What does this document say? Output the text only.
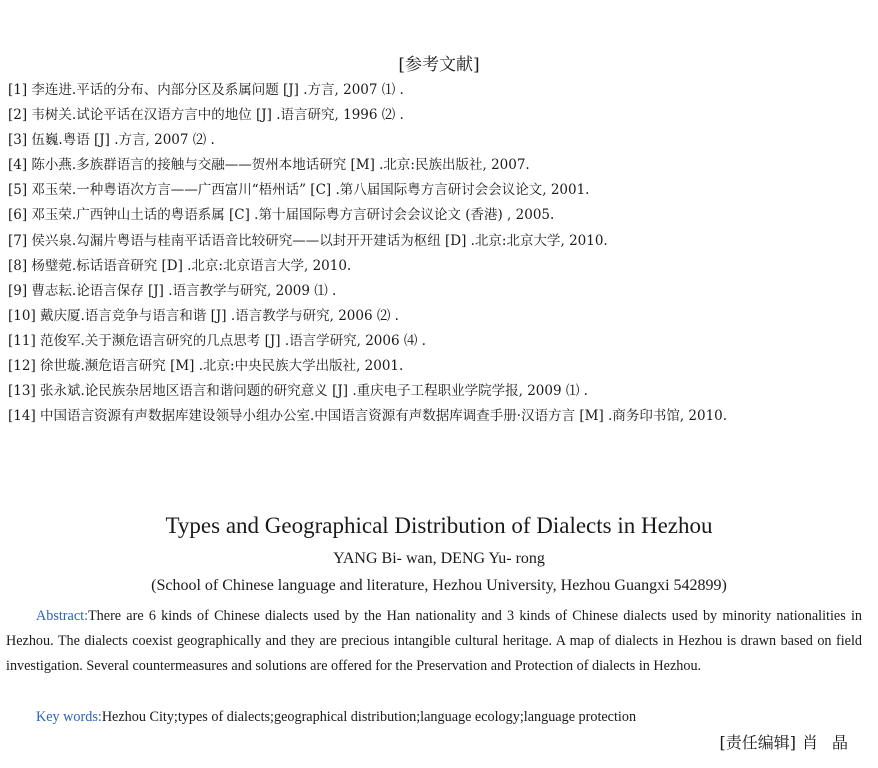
[参考文献]
[1] 李连进.平话的分布、内部分区及系属问题 [J] .方言, 2007 ⑴ .
[2] 韦树关.试论平话在汉语方言中的地位 [J] .语言研究, 1996 ⑵ .
[3] 伍巍.粤语 [J] .方言, 2007 ⑵ .
[4] 陈小燕.多族群语言的接触与交融——贺州本地话研究 [M] .北京:民族出版社, 2007.
[5] 邓玉荣.一种粤语次方言——广西富川“梧州话” [C] .第八届国际粤方言研讨会会议论文, 2001.
[6] 邓玉荣.广西钟山土话的粤语系属 [C] .第十届国际粤方言研讨会会议论文 (香港) , 2005.
[7] 侯兴泉.勾漏片粤语与桂南平话语音比较研究——以封开开建话为枢纽 [D] .北京:北京大学, 2010.
[8] 杨璧菀.标话语音研究 [D] .北京:北京语言大学, 2010.
[9] 曹志耘.论语言保存 [J] .语言教学与研究, 2009 ⑴ .
[10] 戴庆厦.语言竞争与语言和谐 [J] .语言教学与研究, 2006 ⑵ .
[11] 范俊军.关于濒危语言研究的几点思考 [J] .语言学研究, 2006 ⑷ .
[12] 徐世璇.濒危语言研究 [M] .北京:中央民族大学出版社, 2001.
[13] 张永斌.论民族杂居地区语言和谐问题的研究意义 [J] .重庆电子工程职业学院学报, 2009 ⑴ .
[14] 中国语言资源有声数据库建设领导小组办公室.中国语言资源有声数据库调查手册·汉语方言 [M] .商务印书馆, 2010.
Types and Geographical Distribution of Dialects in Hezhou
YANG Bi- wan, DENG Yu- rong
(School of Chinese language and literature, Hezhou University, Hezhou Guangxi 542899)
Abstract:There are 6 kinds of Chinese dialects used by the Han nationality and 3 kinds of Chinese dialects used by minority nationalities in Hezhou. The dialects coexist geographically and they are precious intangible cultural heritage. A map of dialects in Hezhou is drawn based on field investigation. Several countermeasures and solutions are offered for the Preservation and Protection of dialects in Hezhou.
Key words:Hezhou City;types of dialects;geographical distribution;language ecology;language protection
[责任编辑] 肖晶
